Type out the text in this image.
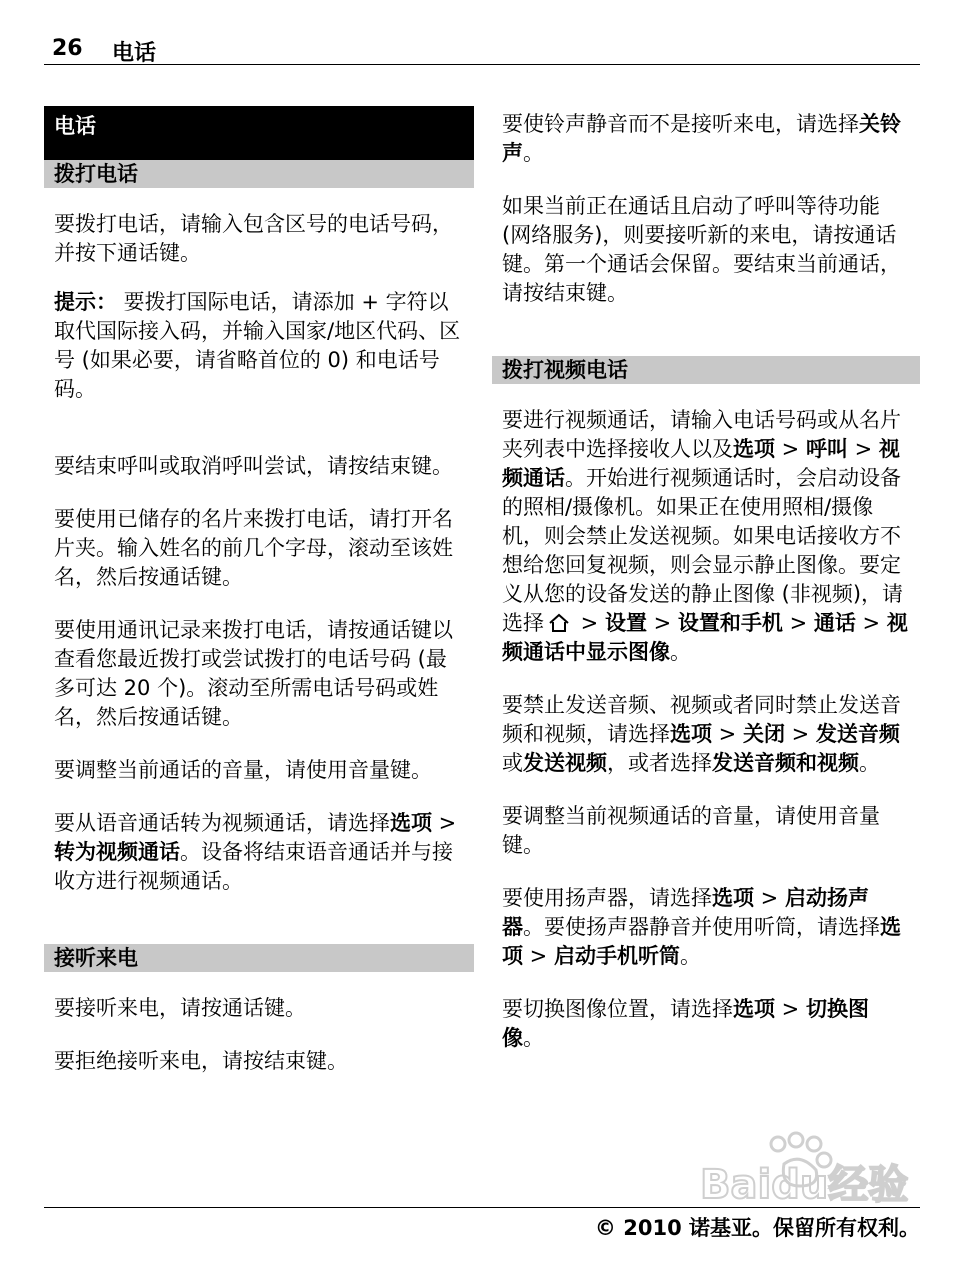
26 电话
电话
拨打电话

要拨打电话，请输入包含区号的电话号码，并按下通话键。

提示： 要拨打国际电话，请添加 + 字符以取代国际接入码，并输入国家/地区代码、区号 (如果必要，请省略首位的 0) 和电话号码。

要结束呼叫或取消呼叫尝试，请按结束键。

要使用已储存的名片来拨打电话，请打开名片夹。输入姓名的前几个字母，滚动至该姓名，然后按通话键。

要使用通讯记录来拨打电话，请按通话键以查看您最近拨打或尝试拨打的电话号码 (最多可达 20 个)。滚动至所需电话号码或姓名，然后按通话键。

要调整当前通话的音量，请使用音量键。

要从语音通话转为视频通话，请选择选项 > 转为视频通话。设备将结束语音通话并与接收方进行视频通话。

接听来电

要接听来电，请按通话键。

要拒绝接听来电，请按结束键。

要使铃声静音而不是接听来电，请选择关铃声。

如果当前正在通话且启动了呼叫等待功能 (网络服务)，则要接听新的来电，请按通话键。第一个通话会保留。要结束当前通话，请按结束键。

拨打视频电话

要进行视频通话，请输入电话号码或从名片夹列表中选择接收人以及选项 > 呼叫 > 视频通话。开始进行视频通话时，会启动设备的照相/摄像机。如果正在使用照相/摄像机，则会禁止发送视频。如果电话接收方不想给您回复视频，则会显示静止图像。要定义从您的设备发送的静止图像 (非视频)，请选择 > 设置 > 设置和手机 > 通话 > 视频通话中显示图像。

要禁止发送音频、视频或者同时禁止发送音频和视频，请选择选项 > 关闭 > 发送音频或发送视频，或者选择发送音频和视频。

要调整当前视频通话的音量，请使用音量键。

要使用扬声器，请选择选项 > 启动扬声器。要使扬声器静音并使用听筒，请选择选项 > 启动手机听筒。

要切换图像位置，请选择选项 > 切换图像。

Baidu经验
© 2010 诺基亚。保留所有权利。
